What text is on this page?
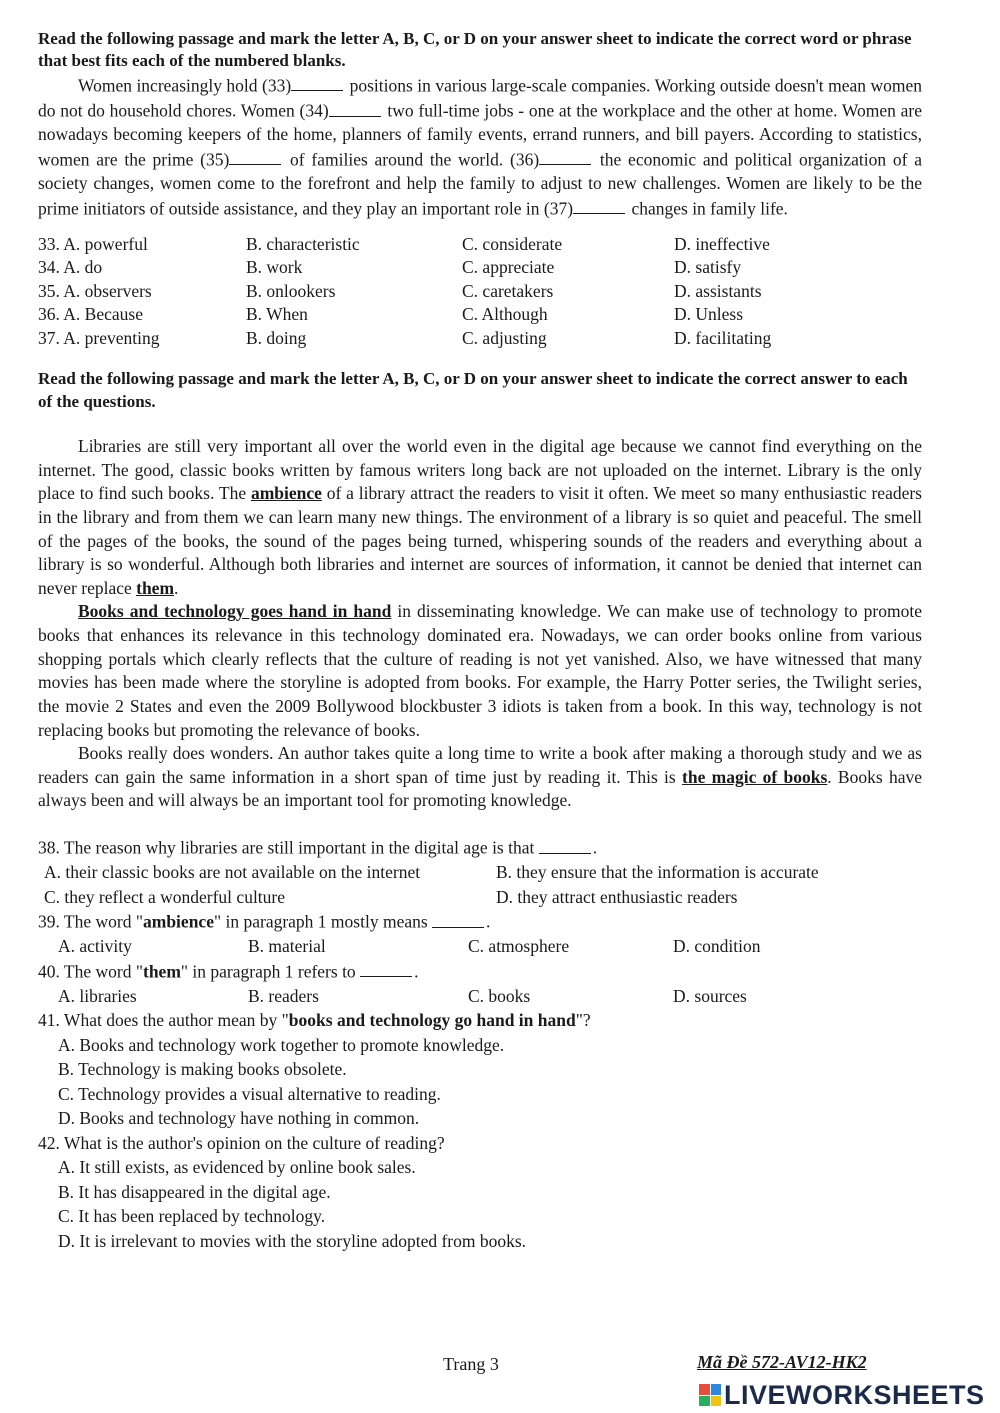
Read the following passage and mark the letter A, B, C, or D on your answer sheet to indicate the correct word or phrase that best fits each of the numbered blanks.

Women increasingly hold (33)	positions in various large-scale companies. Working outside doesn't mean women do not do household chores. Women (34)	two full-time jobs - one at the workplace and the other at home. Women are nowadays becoming keepers of the home, planners of family events, errand runners, and bill payers. According to statistics, women are the prime (35)	of families around the world. (36)	the economic and political organization of a society changes, women come to the forefront and help the family to adjust to new challenges. Women are likely to be the prime initiators of outside assistance, and they play an important role in (37)	changes in family life.

33. A. powerful	B. characteristic	C. considerate	D. ineffective
34. A. do	B. work	C. appreciate	D. satisfy
35. A. observers	B. onlookers	C. caretakers	D. assistants
36. A. Because	B. When	C. Although	D. Unless
37. A. preventing	B. doing	C. adjusting	D. facilitating

Read the following passage and mark the letter A, B, C, or D on your answer sheet to indicate the correct answer to each of the questions.

Libraries are still very important all over the world even in the digital age because we cannot find everything on the internet. The good, classic books written by famous writers long back are not uploaded on the internet. Library is the only place to find such books. The ambience of a library attract the readers to visit it often. We meet so many enthusiastic readers in the library and from them we can learn many new things. The environment of a library is so quiet and peaceful. The smell of the pages of the books, the sound of the pages being turned, whispering sounds of the readers and everything about a library is so wonderful. Although both libraries and internet are sources of information, it cannot be denied that internet can never replace them.

Books and technology goes hand in hand in disseminating knowledge. We can make use of technology to promote books that enhances its relevance in this technology dominated era. Nowadays, we can order books online from various shopping portals which clearly reflects that the culture of reading is not yet vanished. Also, we have witnessed that many movies has been made where the storyline is adopted from books. For example, the Harry Potter series, the Twilight series, the movie 2 States and even the 2009 Bollywood blockbuster 3 idiots is taken from a book. In this way, technology is not replacing books but promoting the relevance of books.

Books really does wonders. An author takes quite a long time to write a book after making a thorough study and we as readers can gain the same information in a short span of time just by reading it. This is the magic of books. Books have always been and will always be an important tool for promoting knowledge.

38. The reason why libraries are still important in the digital age is that	.

A. their classic books are not available on the internet	B. they ensure that the information is accurate
C. they reflect a wonderful culture	D. they attract enthusiastic readers

39. The word "ambience" in paragraph 1 mostly means	.

A. activity	B. material	C. atmosphere	D. condition

40. The word "them" in paragraph 1 refers to	.

A. libraries	B. readers	C. books	D. sources

41. What does the author mean by "books and technology go hand in hand"?

A. Books and technology work together to promote knowledge.
B. Technology is making books obsolete.
C. Technology provides a visual alternative to reading.
D. Books and technology have nothing in common.

42. What is the author's opinion on the culture of reading?

A. It still exists, as evidenced by online book sales.
B. It has disappeared in the digital age.
C. It has been replaced by technology.
D. It is irrelevant to movies with the storyline adopted from books.
Trang 3	Mã Đề 572-AV12-HK2
LIVEWORKSHEETS
